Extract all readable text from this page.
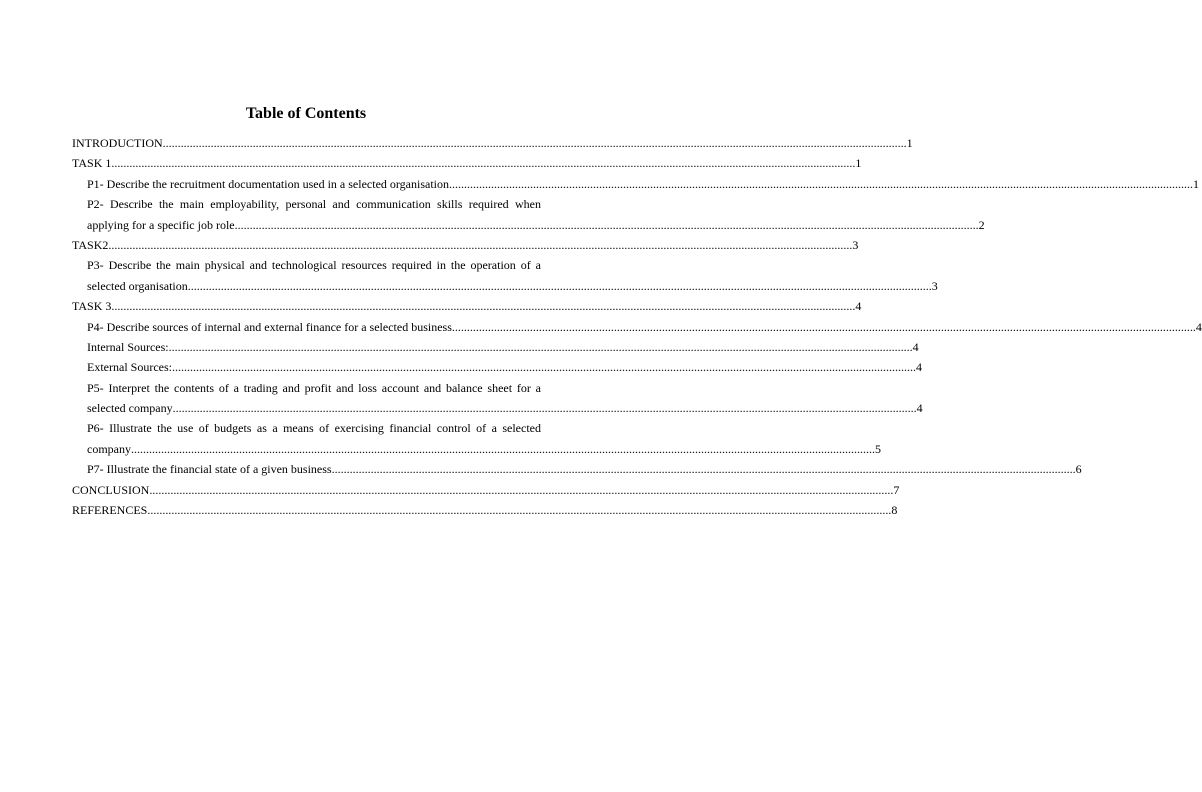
Table of Contents
INTRODUCTION .....	1
TASK 1 .....	1
P1- Describe the recruitment documentation used in a selected organisation .....	1
P2- Describe the main employability, personal and communication skills required when
applying for a specific job role .....	2
TASK2 .....	3
P3- Describe the main physical and technological resources required in the operation of a
selected organisation .....	3
TASK 3 .....	4
P4- Describe sources of internal and external finance for a selected business .....	4
Internal Sources: .....	4
External Sources: .....	4
P5- Interpret the contents of a trading and profit and loss account and balance sheet for a
selected company .....	4
P6- Illustrate the use of budgets as a means of exercising financial control of a selected
company .....	5
P7- Illustrate the financial state of a given business .....	6
CONCLUSION .....	7
REFERENCES .....	8
